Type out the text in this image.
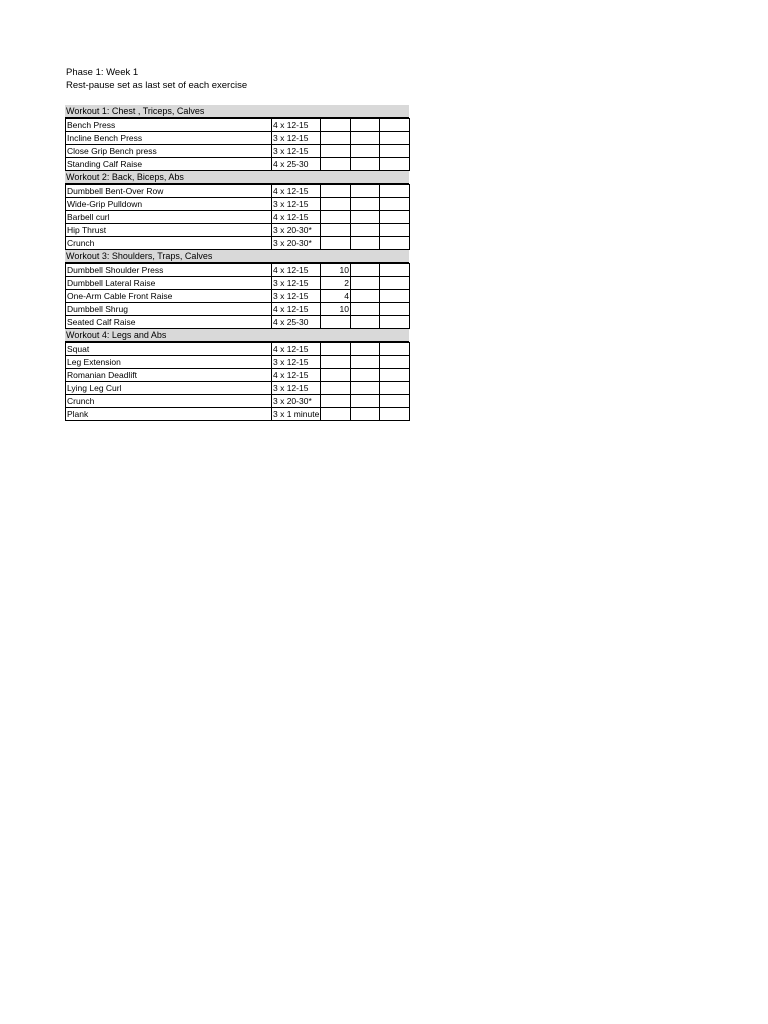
Phase 1: Week 1
Rest-pause set as last set of each exercise
Workout 1: Chest , Triceps, Calves
Bench Press	4 x 12-15			
Incline Bench Press	3 x 12-15			
Close Grip Bench press	3 x 12-15			
Standing Calf Raise	4 x 25-30			
Workout 2: Back, Biceps, Abs
Dumbbell Bent-Over Row	4 x 12-15			
Wide-Grip Pulldown	3 x 12-15			
Barbell curl	4 x 12-15			
Hip Thrust	3 x 20-30*			
Crunch	3 x 20-30*			
Workout 3: Shoulders, Traps, Calves
Dumbbell Shoulder Press	4 x 12-15	10		
Dumbbell Lateral Raise	3 x 12-15	2		
One-Arm Cable Front Raise	3 x 12-15	4		
Dumbbell Shrug	4 x 12-15	10		
Seated Calf Raise	4 x 25-30			
Workout 4: Legs and Abs
Squat	4 x 12-15			
Leg Extension	3 x 12-15			
Romanian Deadlift	4 x 12-15			
Lying Leg Curl	3 x 12-15			
Crunch	3 x 20-30*			
Plank	3 x 1 minute			
